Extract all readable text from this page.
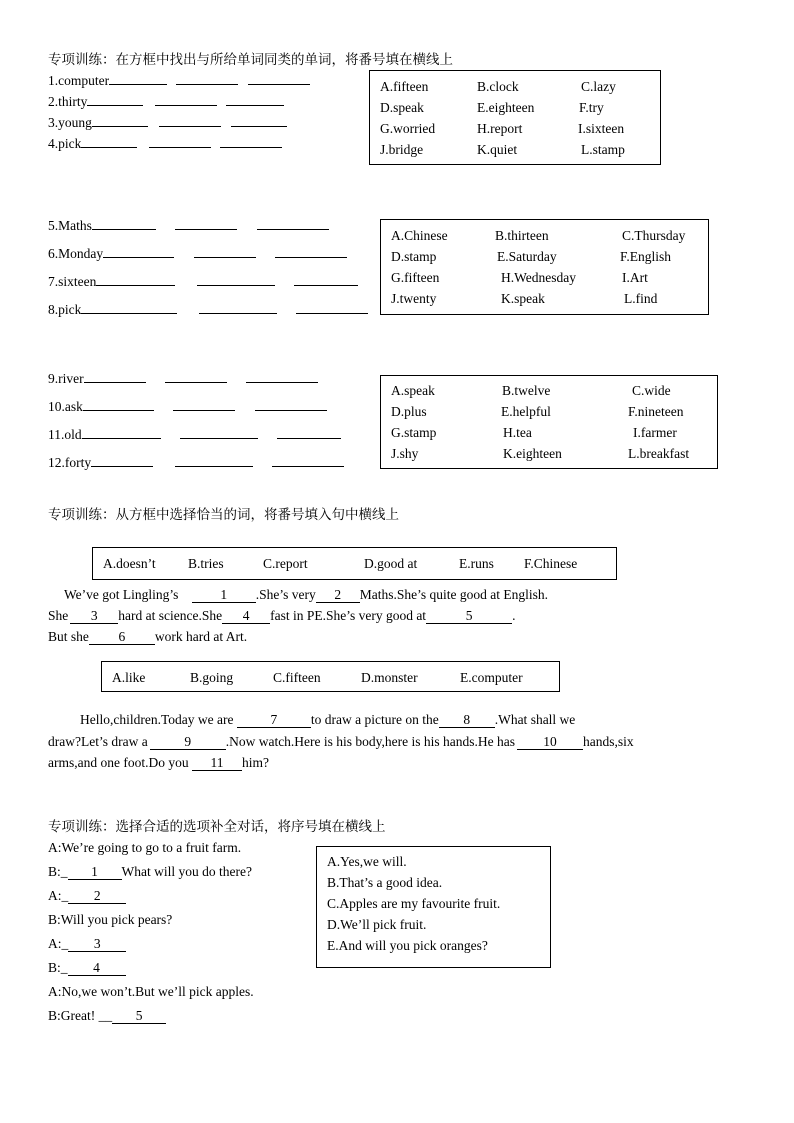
专项训练：在方框中找出与所给单词同类的单词，将番号填在横线上
1.computer
2.thirty
3.young
4.pick
A.fifteen	B.clock	C.lazy
D.speak	E.eighteen	F.try
G.worried	H.report	I.sixteen
J.bridge	K.quiet	L.stamp
5.Maths
6.Monday
7.sixteen
8.pick
A.Chinese	B.thirteen	C.Thursday
D.stamp	E.Saturday	F.English
G.fifteen	H.Wednesday	I.Art
J.twenty	K.speak	L.find
9.river
10.ask
11.old
12.forty
A.speak	B.twelve	C.wide
D.plus	E.helpful	F.nineteen
G.stamp	H.tea	I.farmer
J.shy	K.eighteen	L.breakfast
专项训练：从方框中选择恰当的词，将番号填入句中横线上
A.doesn’t B.tries	C.report	D.good at	E.runs F.Chinese
We’ve got Lingling’s	1 .She’s very 2 Maths.She’s quite good at English.
She 3 hard at science.She 4 fast in PE.She’s very good at	5	.
But she 6 work hard at Art.
A.like	B.going	C.fifteen	D.monster	E.computer
Hello,children.Today we are	7 to draw a picture on the 8 .What shall we
draw?Let’s draw a	9	.Now watch.Here is his body,here is his hands.He has 10 hands,six
arms,and one foot.Do you 11 him?
专项训练：选择合适的选项补全对话，将序号填在横线上
A:We’re going to go to a fruit farm.
B:_ 1 What will you do there?
A:_ 2
B:Will you pick pears?
A:_ 3
B:_ 4
A:No,we won’t.But we’ll pick apples.
B:Great! __ 5
A.Yes,we will.
B.That’s a good idea.
C.Apples are my favourite fruit.
D.We’ll pick fruit.
E.And will you pick oranges?
